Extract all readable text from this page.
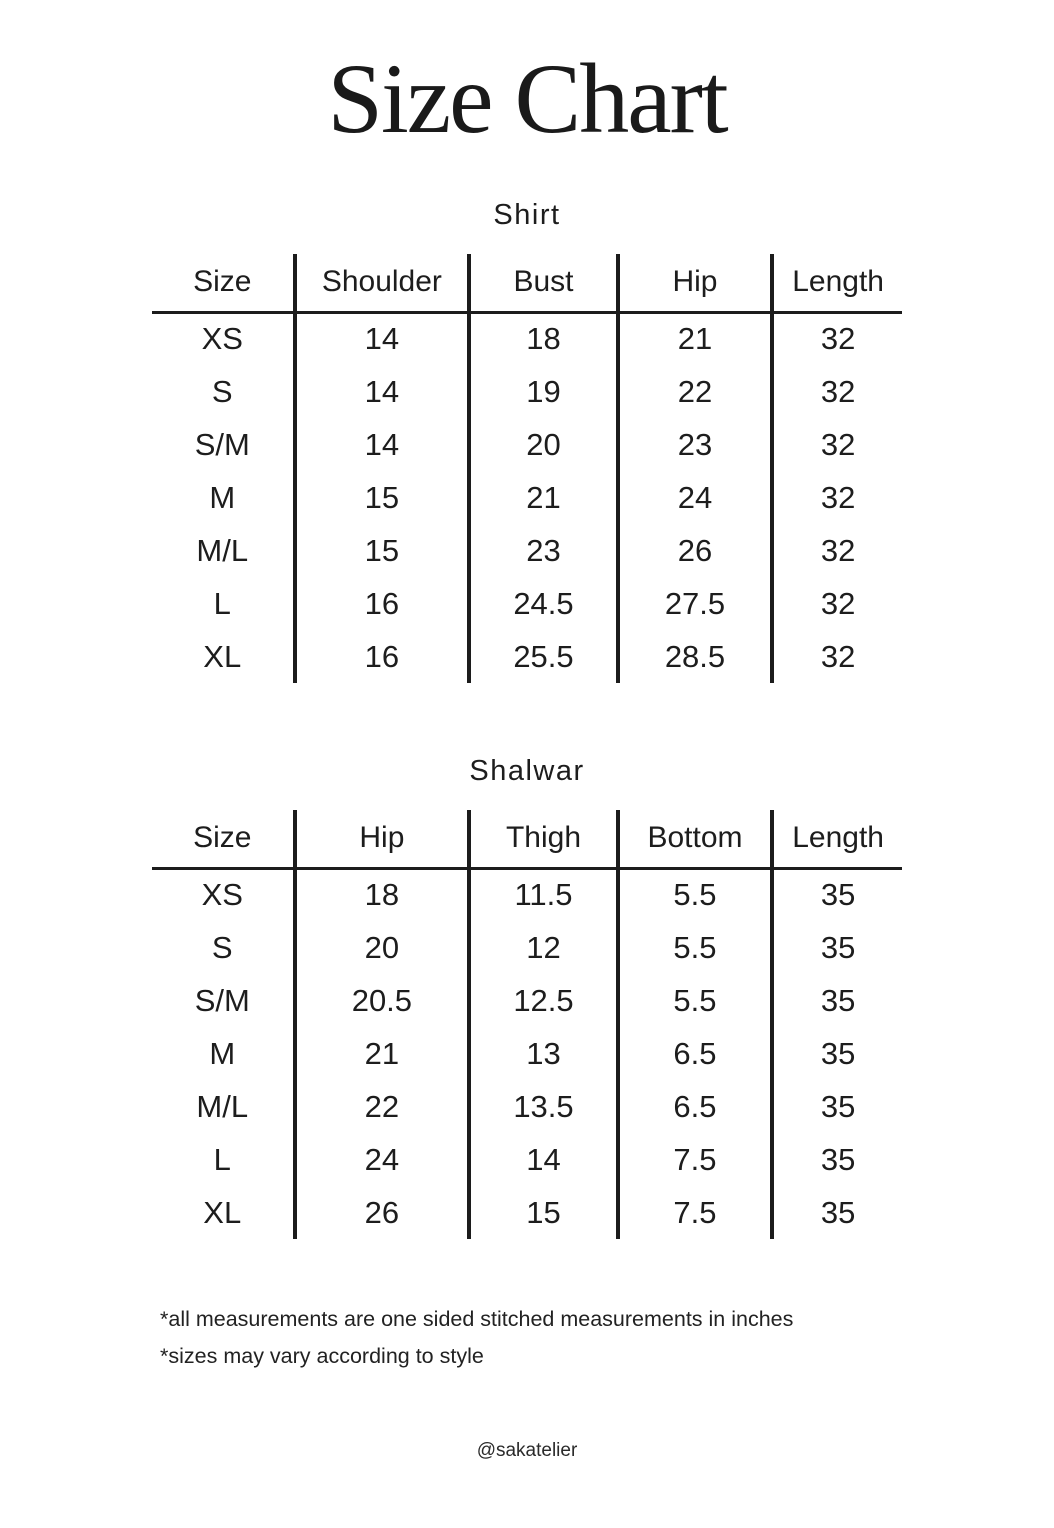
Size Chart
Shirt
Size	Shoulder	Bust	Hip	Length
XS	14	18	21	32
S	14	19	22	32
S/M	14	20	23	32
M	15	21	24	32
M/L	15	23	26	32
L	16	24.5	27.5	32
XL	16	25.5	28.5	32
Shalwar
Size	Hip	Thigh	Bottom	Length
XS	18	11.5	5.5	35
S	20	12	5.5	35
S/M	20.5	12.5	5.5	35
M	21	13	6.5	35
M/L	22	13.5	6.5	35
L	24	14	7.5	35
XL	26	15	7.5	35
*all measurements are one sided stitched measurements in inches
*sizes may vary according to style
@sakatelier
